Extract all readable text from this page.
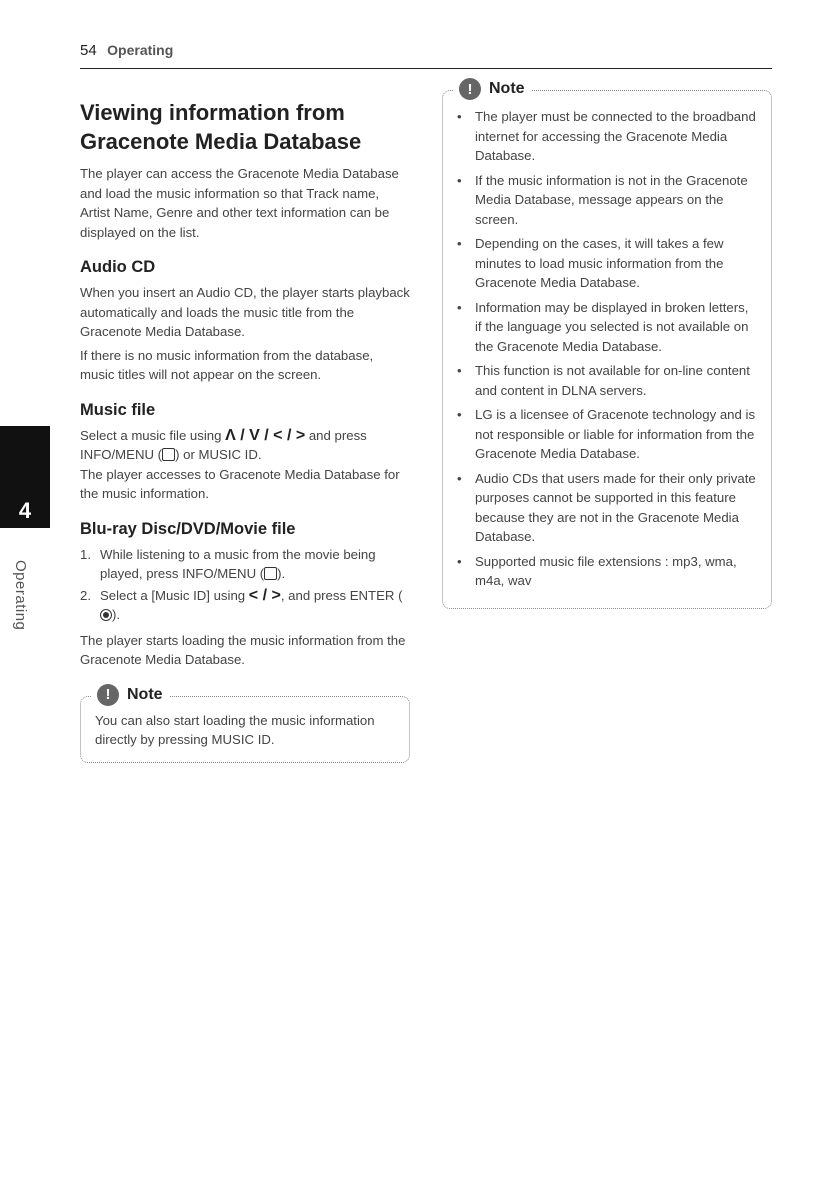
54 Operating
4
Operating
Viewing information from Gracenote Media Database

The player can access the Gracenote Media Database and load the music information so that Track name, Artist Name, Genre and other text information can be displayed on the list.

Audio CD

When you insert an Audio CD, the player starts playback automatically and loads the music title from the Gracenote Media Database.

If there is no music information from the database, music titles will not appear on the screen.

Music file

Select a music file using Λ / V / < / > and press INFO/MENU ( ) or MUSIC ID.

The player accesses to Gracenote Media Database for the music information.

Blu-ray Disc/DVD/Movie file
1. While listening to a music from the movie being played, press INFO/MENU ( ).
2. Select a [Music ID] using < / >, and press ENTER ().

The player starts loading the music information from the Gracenote Media Database.

!	Note

You can also start loading the music information directly by pressing MUSIC ID.

!	Note
•	The player must be connected to the broadband internet for accessing the Gracenote Media Database.
•	If the music information is not in the Gracenote Media Database, message appears on the screen.
•	Depending on the cases, it will takes a few minutes to load music information from the Gracenote Media Database.
•	Information may be displayed in broken letters, if the language you selected is not available on the Gracenote Media Database.
•	This function is not available for on-line content and content in DLNA servers.
•	LG is a licensee of Gracenote technology and is not responsible or liable for information from the Gracenote Media Database.
•	Audio CDs that users made for their only private purposes cannot be supported in this feature because they are not in the Gracenote Media Database.
•	Supported music file extensions : mp3, wma, m4a, wav
